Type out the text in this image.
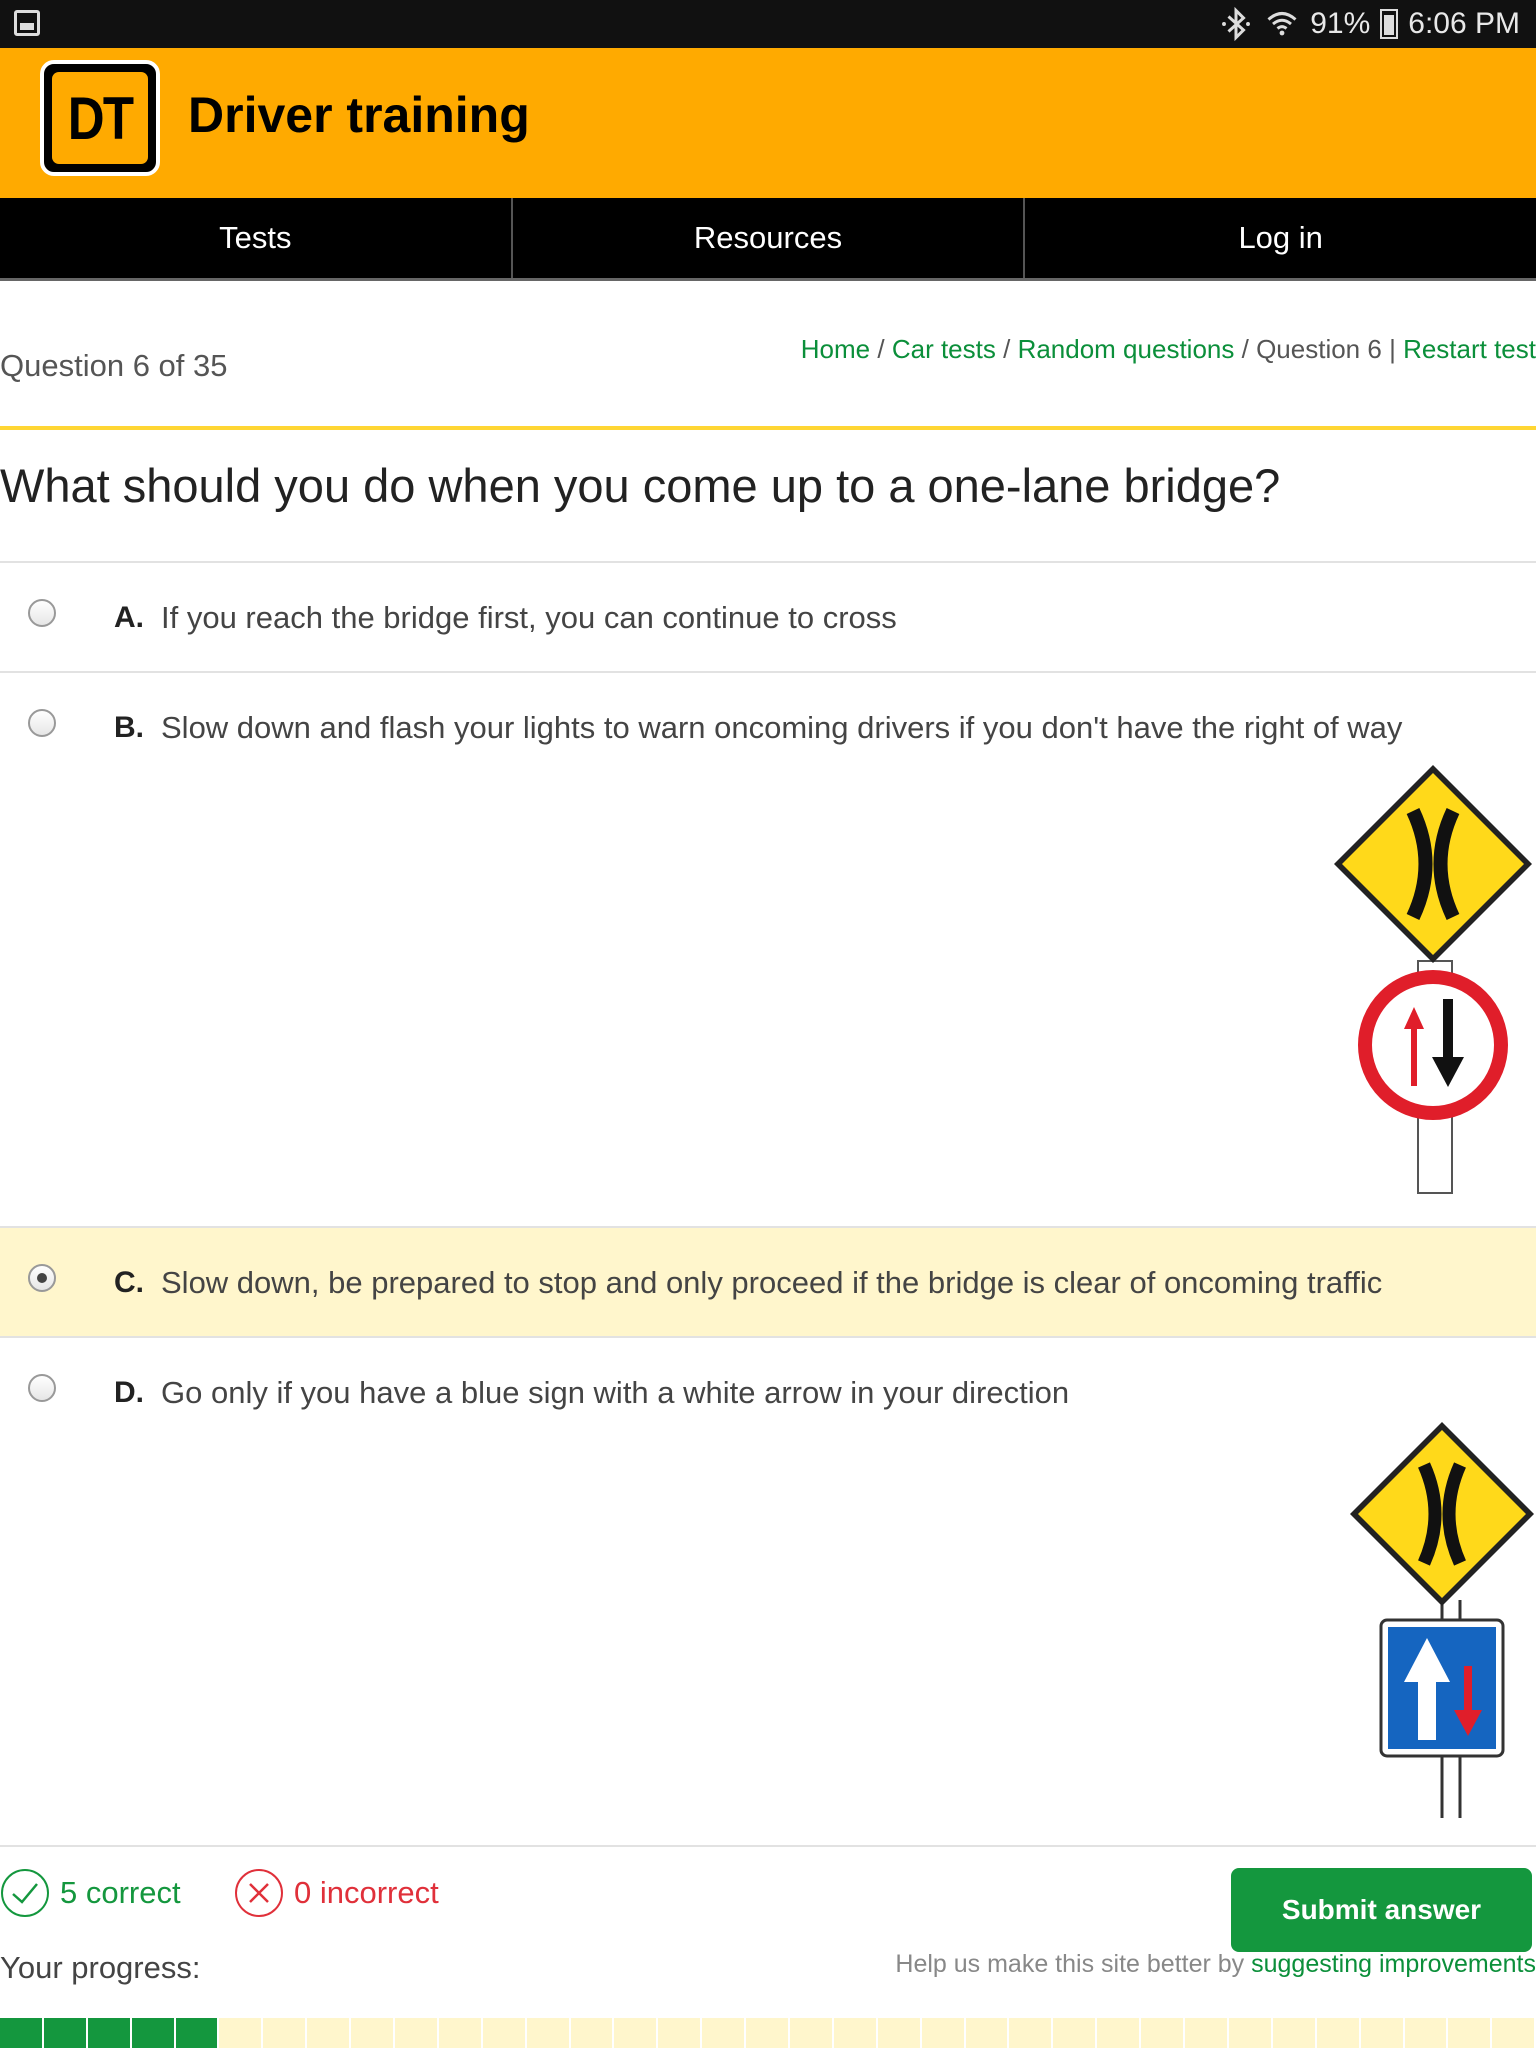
91% 6:06 PM
DT Driver training
Tests	Resources	Log in
Question 6 of 35	Home / Car tests / Random questions / Question 6 | Restart test
What should you do when you come up to a one-lane bridge?
A. If you reach the bridge first, you can continue to cross
B. Slow down and flash your lights to warn oncoming drivers if you don't have the right of way
C. Slow down, be prepared to stop and only proceed if the bridge is clear of oncoming traffic
D. Go only if you have a blue sign with a white arrow in your direction
5 correct	0 incorrect	Submit answer
Your progress:	Help us make this site better by suggesting improvements
